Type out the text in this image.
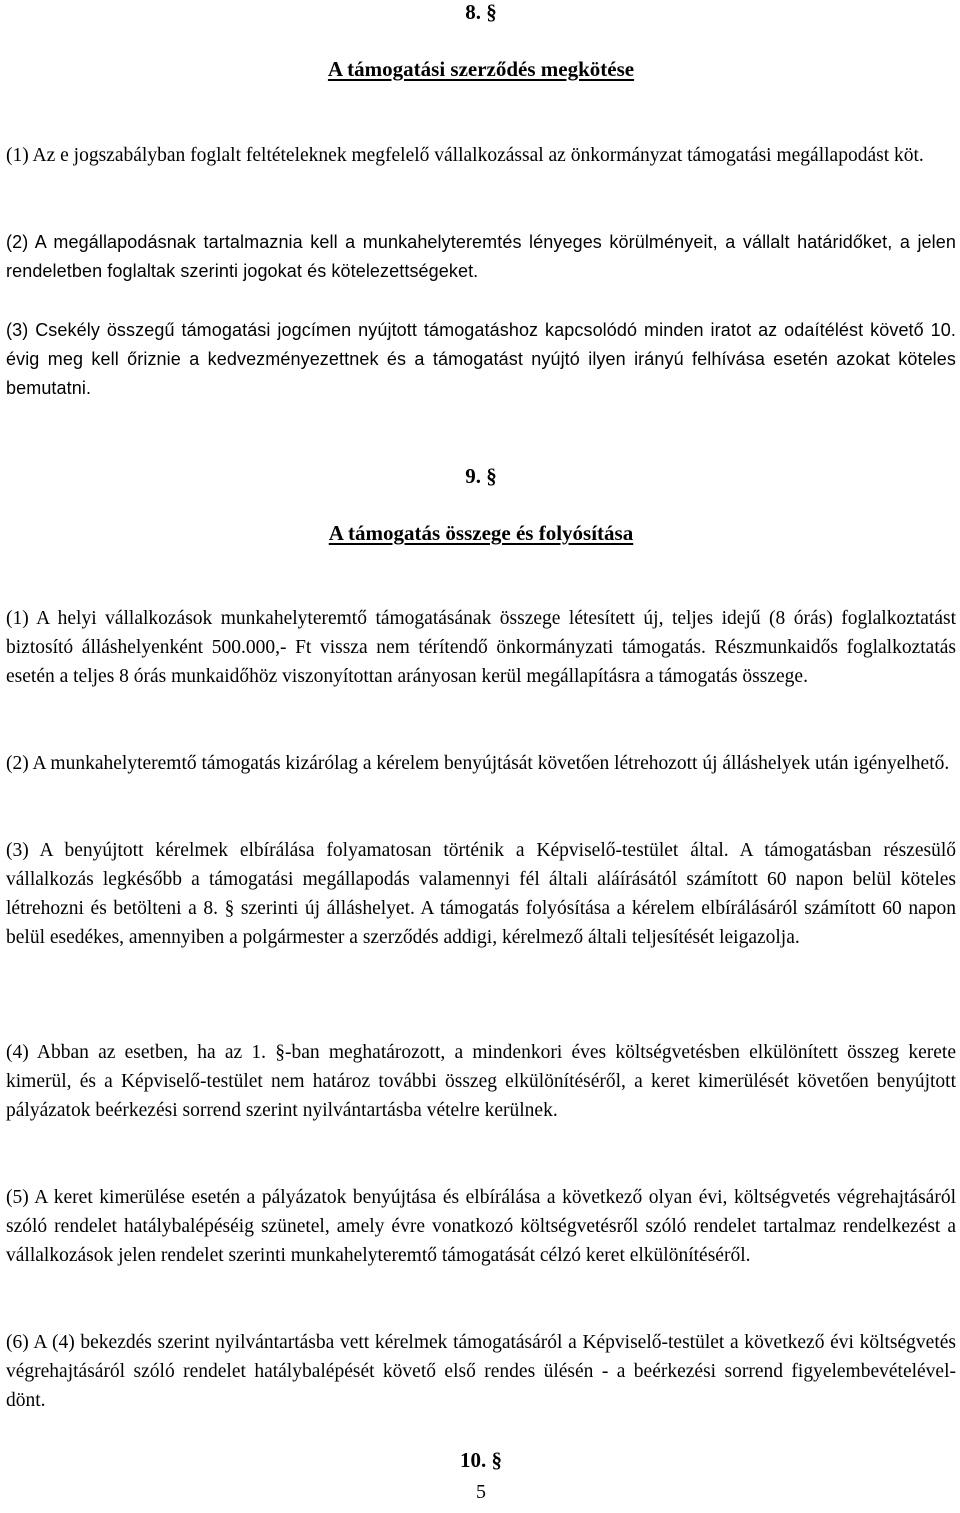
8. §
A támogatási szerződés megkötése

(1) Az e jogszabályban foglalt feltételeknek megfelelő vállalkozással az önkormányzat támogatási megállapodást köt.

(2) A megállapodásnak tartalmaznia kell a munkahelyteremtés lényeges körülményeit, a vállalt határidőket, a jelen rendeletben foglaltak szerinti jogokat és kötelezettségeket.

(3) Csekély összegű támogatási jogcímen nyújtott támogatáshoz kapcsolódó minden iratot az odaítélést követő 10. évig meg kell őriznie a kedvezményezettnek és a támogatást nyújtó ilyen irányú felhívása esetén azokat köteles bemutatni.

9. §
A támogatás összege és folyósítása

(1) A helyi vállalkozások munkahelyteremtő támogatásának összege létesített új, teljes idejű (8 órás) foglalkoztatást biztosító álláshelyenként 500.000,- Ft vissza nem térítendő önkormányzati támogatás. Részmunkaidős foglalkoztatás esetén a teljes 8 órás munkaidőhöz viszonyítottan arányosan kerül megállapításra a támogatás összege.

(2) A munkahelyteremtő támogatás kizárólag a kérelem benyújtását követően létrehozott új álláshelyek után igényelhető.

(3) A benyújtott kérelmek elbírálása folyamatosan történik a Képviselő-testület által. A támogatásban részesülő vállalkozás legkésőbb a támogatási megállapodás valamennyi fél általi aláírásától számított 60 napon belül köteles létrehozni és betölteni a 8. § szerinti új álláshelyet. A támogatás folyósítása a kérelem elbírálásáról számított 60 napon belül esedékes, amennyiben a polgármester a szerződés addigi, kérelmező általi teljesítését leigazolja.

(4) Abban az esetben, ha az 1. §-ban meghatározott, a mindenkori éves költségvetésben elkülönített összeg kerete kimerül, és a Képviselő-testület nem határoz további összeg elkülönítéséről, a keret kimerülését követően benyújtott pályázatok beérkezési sorrend szerint nyilvántartásba vételre kerülnek.

(5) A keret kimerülése esetén a pályázatok benyújtása és elbírálása a következő olyan évi, költségvetés végrehajtásáról szóló rendelet hatálybalépéséig szünetel, amely évre vonatkozó költségvetésről szóló rendelet tartalmaz rendelkezést a vállalkozások jelen rendelet szerinti munkahelyteremtő támogatását célzó keret elkülönítéséről.

(6) A (4) bekezdés szerint nyilvántartásba vett kérelmek támogatásáról a Képviselő-testület a következő évi költségvetés végrehajtásáról szóló rendelet hatálybalépését követő első rendes ülésén - a beérkezési sorrend figyelembevételével- dönt.

10. §
5
